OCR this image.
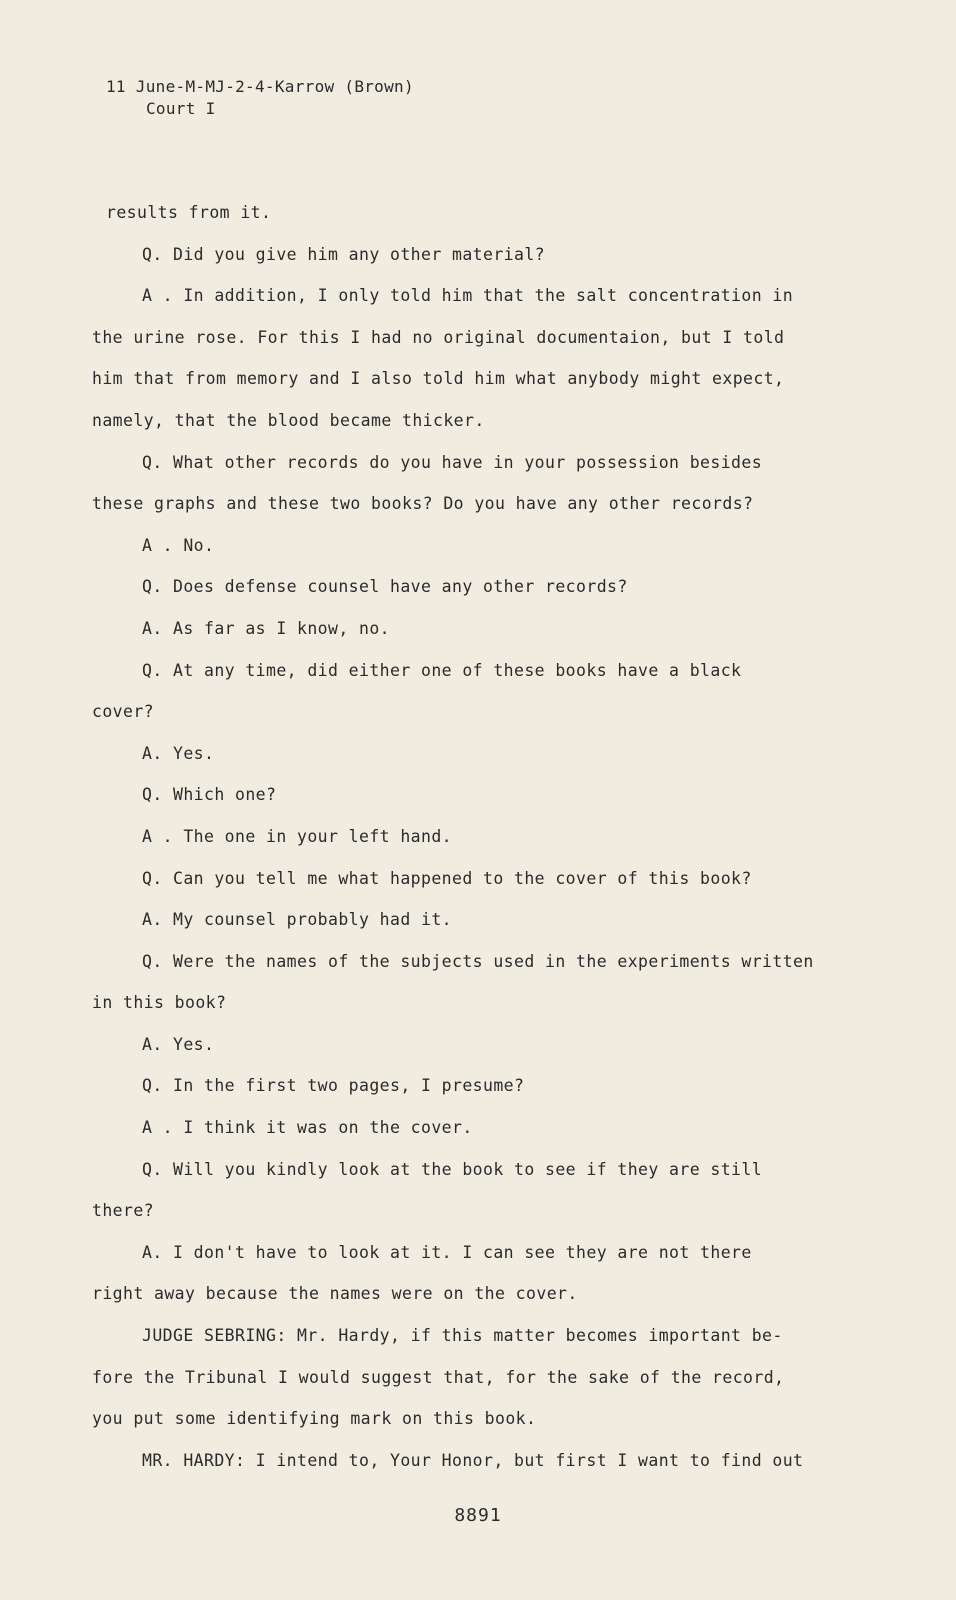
11 June-M-MJ-2-4-Karrow (Brown)
Court I
results from it.
Q. Did you give him any other material?
A . In addition, I only told him that the salt concentration in
the urine rose. For this I had no original documentaion, but I told
him that from memory and I also told him what anybody might expect,
namely, that the blood became thicker.
Q. What other records do you have in your possession besides
these graphs and these two books? Do you have any other records?
A . No.
Q. Does defense counsel have any other records?
A. As far as I know, no.
Q. At any time, did either one of these books have a black
cover?
A. Yes.
Q. Which one?
A . The one in your left hand.
Q. Can you tell me what happened to the cover of this book?
A. My counsel probably had it.
Q. Were the names of the subjects used in the experiments written
in this book?
A. Yes.
Q. In the first two pages, I presume?
A . I think it was on the cover.
Q. Will you kindly look at the book to see if they are still
there?
A. I don't have to look at it. I can see they are not there
right away because the names were on the cover.
JUDGE SEBRING: Mr. Hardy, if this matter becomes important be-
fore the Tribunal I would suggest that, for the sake of the record,
you put some identifying mark on this book.
MR. HARDY: I intend to, Your Honor, but first I want to find out
8891
